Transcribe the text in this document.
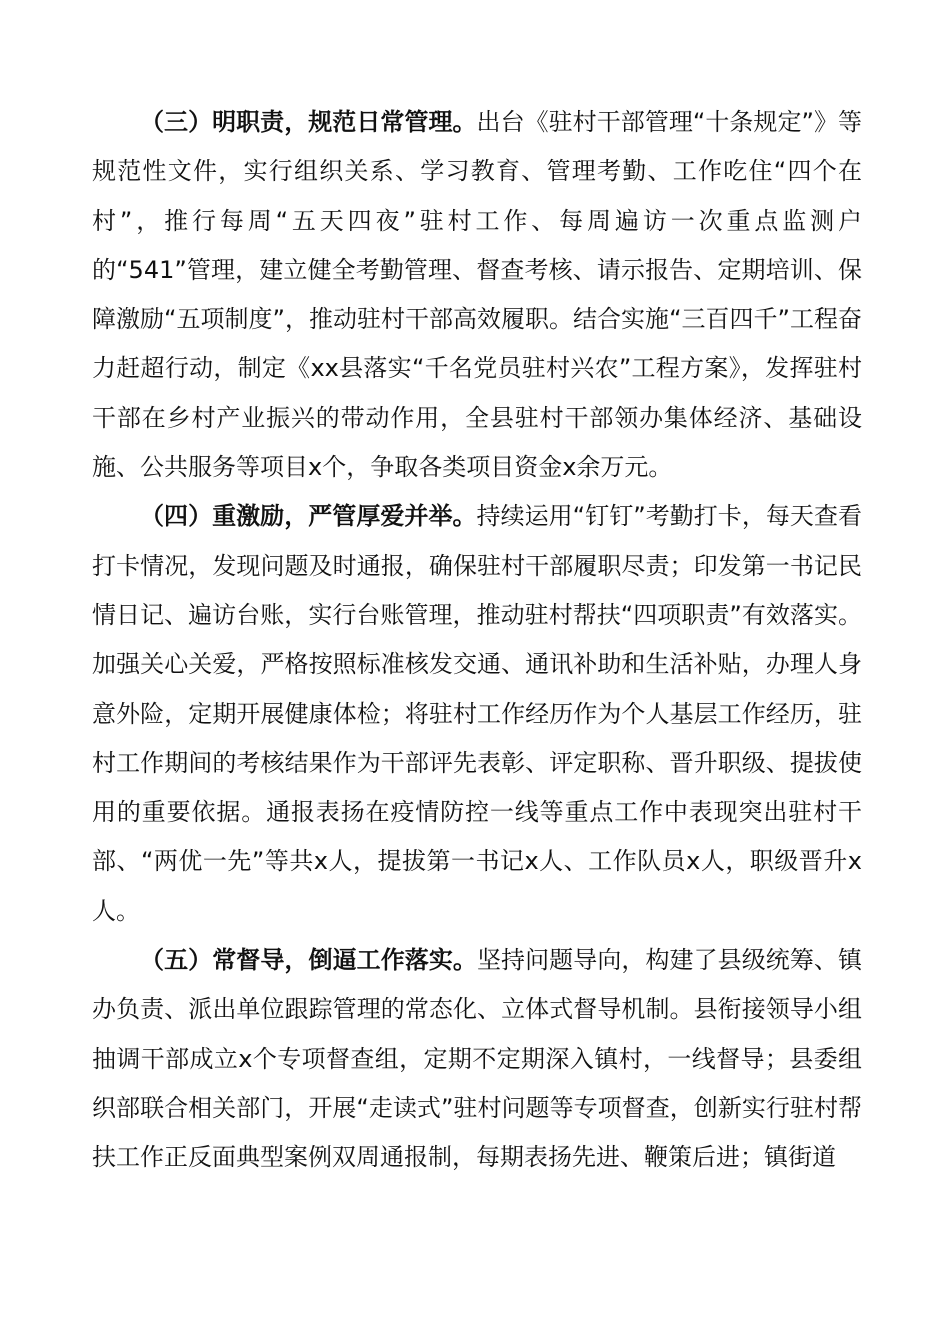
（三）明职责，规范日常管理。出台《驻村干部管理“十条规定”》等规范性文件，实行组织关系、学习教育、管理考勤、工作吃住“四个在村”，推行每周“五天四夜”驻村工作、每周遍访一次重点监测户的“541”管理，建立健全考勤管理、督查考核、请示报告、定期培训、保障激励“五项制度”，推动驻村干部高效履职。结合实施“三百四千”工程奋力赶超行动，制定《xx县落实“千名党员驻村兴农”工程方案》，发挥驻村干部在乡村产业振兴的带动作用，全县驻村干部领办集体经济、基础设施、公共服务等项目x个，争取各类项目资金x余万元。

（四）重激励，严管厚爱并举。持续运用“钉钉”考勤打卡，每天查看打卡情况，发现问题及时通报，确保驻村干部履职尽责；印发第一书记民情日记、遍访台账，实行台账管理，推动驻村帮扶“四项职责”有效落实。加强关心关爱，严格按照标准核发交通、通讯补助和生活补贴，办理人身意外险，定期开展健康体检；将驻村工作经历作为个人基层工作经历，驻村工作期间的考核结果作为干部评先表彰、评定职称、晋升职级、提拔使用的重要依据。通报表扬在疫情防控一线等重点工作中表现突出驻村干部、“两优一先”等共x人，提拔第一书记x人、工作队员x人，职级晋升x人。

（五）常督导，倒逼工作落实。坚持问题导向，构建了县级统筹、镇办负责、派出单位跟踪管理的常态化、立体式督导机制。县衔接领导小组抽调干部成立x个专项督查组，定期不定期深入镇村，一线督导；县委组织部联合相关部门，开展“走读式”驻村问题等专项督查，创新实行驻村帮扶工作正反面典型案例双周通报制，每期表扬先进、鞭策后进；镇街道
